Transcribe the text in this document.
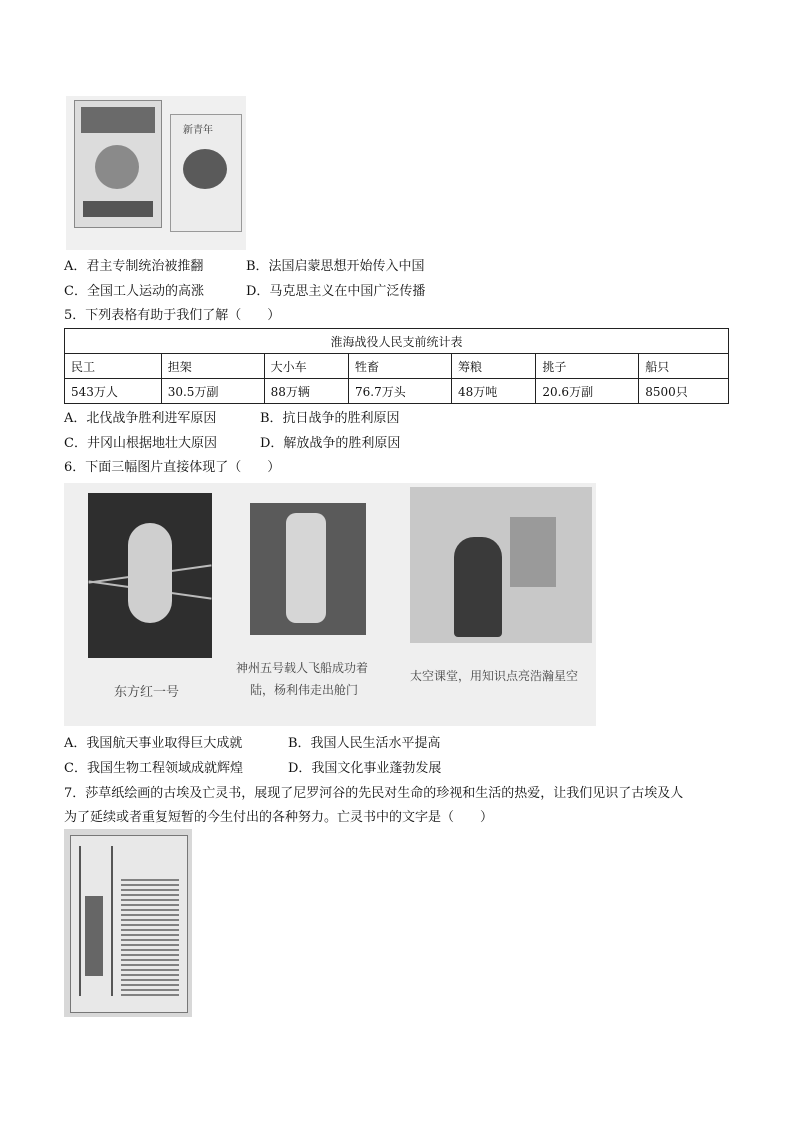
新青年
A．君主专制统治被推翻	B．法国启蒙思想开始传入中国
C．全国工人运动的高涨	D．马克思主义在中国广泛传播
5．下列表格有助于我们了解（　　）
淮海战役人民支前统计表						
民工	担架	大小车	牲畜	筹粮	挑子	船只
543万人	30.5万副	88万辆	76.7万头	48万吨	20.6万副	8500只
A．北伐战争胜利进军原因	B．抗日战争的胜利原因
C．井冈山根据地壮大原因	D．解放战争的胜利原因
6．下面三幅图片直接体现了（　　）
东方红一号
神州五号载人飞船成功着
陆，杨利伟走出舱门
太空课堂，用知识点亮浩瀚星空
A．我国航天事业取得巨大成就	B．我国人民生活水平提高
C．我国生物工程领域成就辉煌	D．我国文化事业蓬勃发展
7．莎草纸绘画的古埃及亡灵书，展现了尼罗河谷的先民对生命的珍视和生活的热爱，让我们见识了古埃及人
为了延续或者重复短暂的今生付出的各种努力。亡灵书中的文字是（　　）
